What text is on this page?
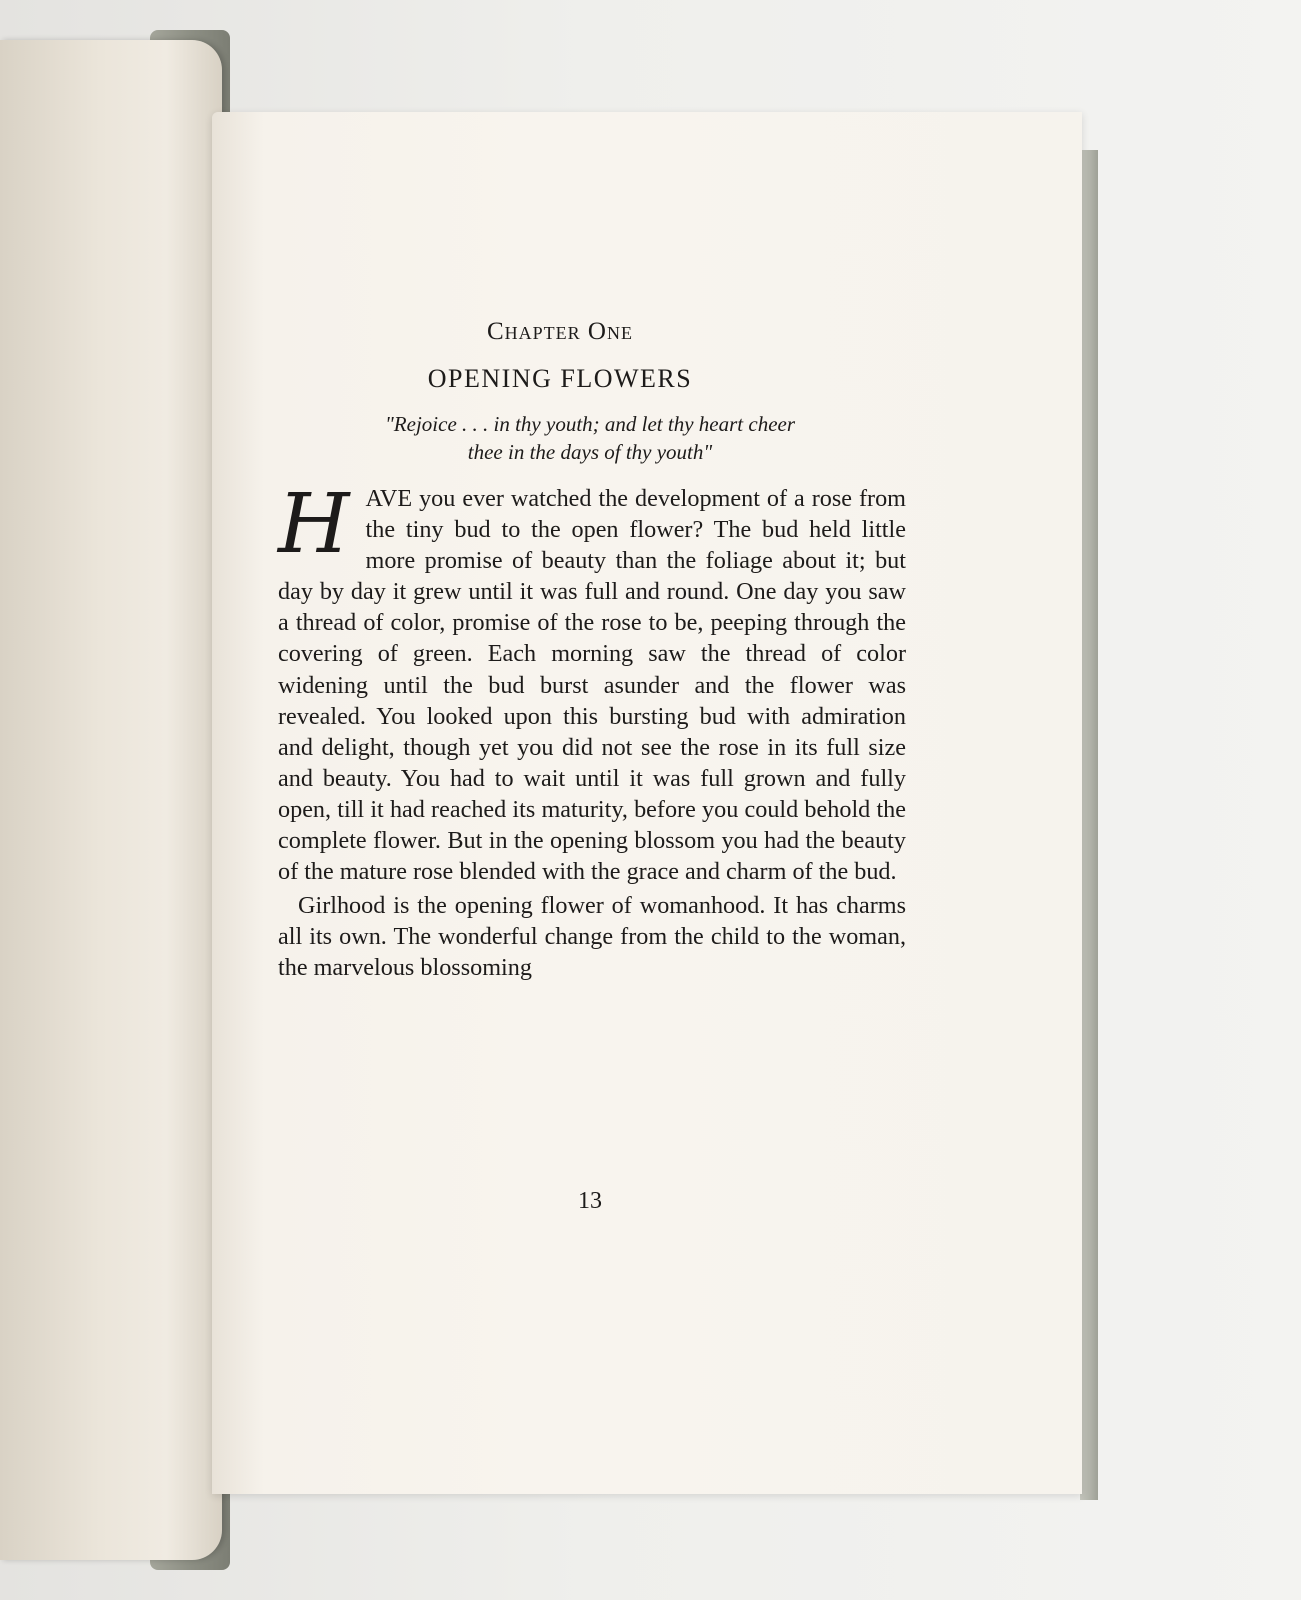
Chapter One
OPENING FLOWERS
"Rejoice . . . in thy youth; and let thy heart cheer
thee in the days of thy youth"

HAVE you ever watched the development of a rose from the tiny bud to the open flower? The bud held little more promise of beauty than the foliage about it; but day by day it grew until it was full and round. One day you saw a thread of color, promise of the rose to be, peeping through the covering of green. Each morning saw the thread of color widening until the bud burst asunder and the flower was revealed. You looked upon this bursting bud with admiration and delight, though yet you did not see the rose in its full size and beauty. You had to wait until it was full grown and fully open, till it had reached its maturity, before you could behold the complete flower. But in the opening blossom you had the beauty of the mature rose blended with the grace and charm of the bud.

Girlhood is the opening flower of womanhood. It has charms all its own. The wonderful change from the child to the woman, the marvelous blossoming

13
